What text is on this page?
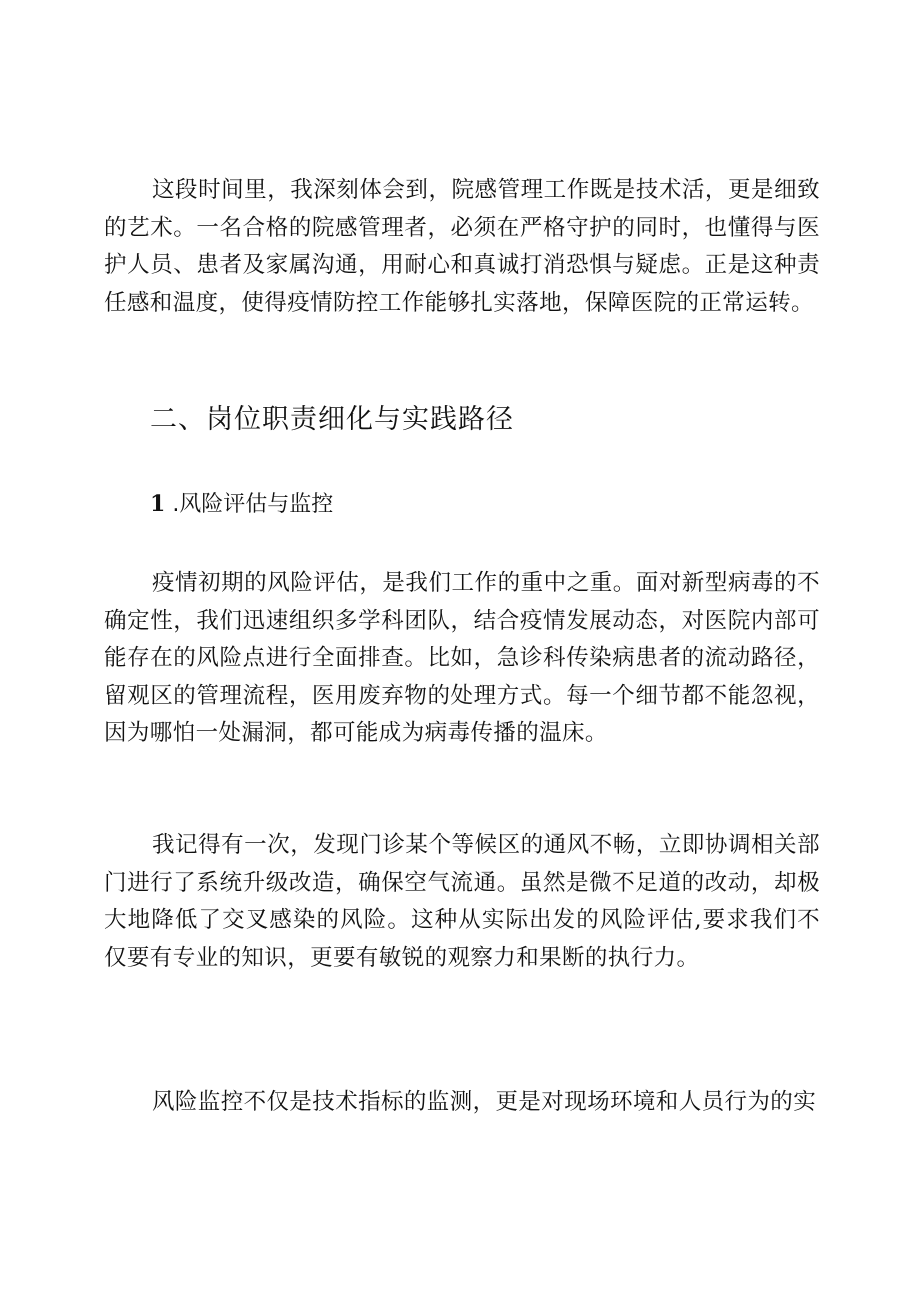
这段时间里，我深刻体会到，院感管理工作既是技术活，更是细致的艺术。一名合格的院感管理者，必须在严格守护的同时，也懂得与医护人员、患者及家属沟通，用耐心和真诚打消恐惧与疑虑。正是这种责任感和温度，使得疫情防控工作能够扎实落地，保障医院的正常运转。

二、岗位职责细化与实践路径
1 .风险评估与监控

疫情初期的风险评估，是我们工作的重中之重。面对新型病毒的不确定性，我们迅速组织多学科团队，结合疫情发展动态，对医院内部可能存在的风险点进行全面排查。比如，急诊科传染病患者的流动路径，留观区的管理流程，医用废弃物的处理方式。每一个细节都不能忽视，因为哪怕一处漏洞，都可能成为病毒传播的温床。

我记得有一次，发现门诊某个等候区的通风不畅，立即协调相关部门进行了系统升级改造，确保空气流通。虽然是微不足道的改动，却极大地降低了交叉感染的风险。这种从实际出发的风险评估,要求我们不仅要有专业的知识，更要有敏锐的观察力和果断的执行力。

风险监控不仅是技术指标的监测，更是对现场环境和人员行为的实
